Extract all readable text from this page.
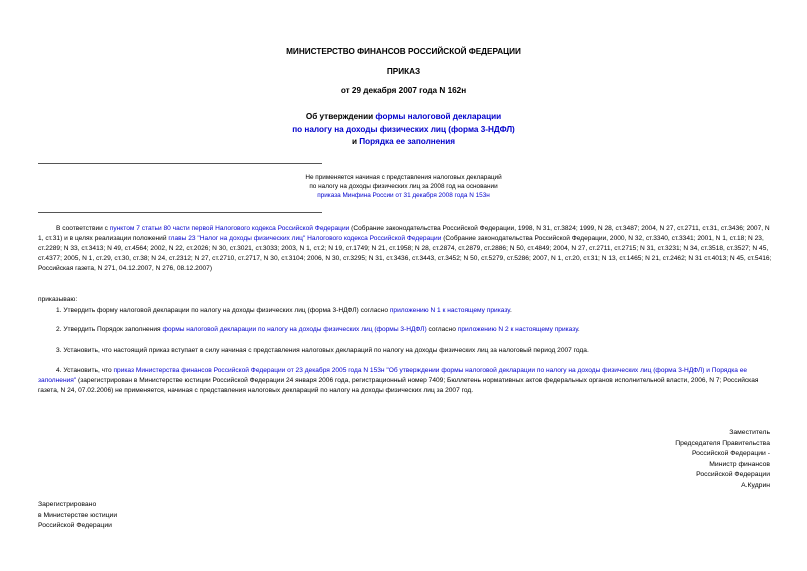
МИНИСТЕРСТВО ФИНАНСОВ РОССИЙСКОЙ ФЕДЕРАЦИИ
ПРИКАЗ
от 29 декабря 2007 года N 162н
Об утверждении формы налоговой декларации
по налогу на доходы физических лиц (форма 3-НДФЛ)
и Порядка ее заполнения
Не применяется начиная с представления налоговых деклараций
по налогу на доходы физических лиц за 2008 год на основании
приказа Минфина России от 31 декабря 2008 года N 153н
В соответствии с пунктом 7 статьи 80 части первой Налогового кодекса Российской Федерации (Собрание законодательства Российской Федерации, 1998, N 31, ст.3824; 1999, N 28, ст.3487; 2004, N 27, ст.2711, ст.31, ст.3436; 2007, N 1, ст.31) и в целях реализации положений главы 23 "Налог на доходы физических лиц" Налогового кодекса Российской Федерации (Собрание законодательства Российской Федерации, 2000, N 32, ст.3340, ст.3341; 2001, N 1, ст.18; N 23, ст.2289; N 33, ст.3413; N 49, ст.4564; 2002, N 22, ст.2026; N 30, ст.3021, ст.3033; 2003, N 1, ст.2; N 19, ст.1749; N 21, ст.1958; N 28, ст.2874, ст.2879, ст.2886; N 50, ст.4849; 2004, N 27, ст.2711, ст.2715; N 31, ст.3231; N 34, ст.3518, ст.3527; N 45, ст.4377; 2005, N 1, ст.29, ст.30, ст.38; N 24, ст.2312; N 27, ст.2710, ст.2717, N 30, ст.3104; 2006, N 30, ст.3295; N 31, ст.3436, ст.3443, ст.3452; N 50, ст.5279, ст.5286; 2007, N 1, ст.20, ст.31; N 13, ст.1465; N 21, ст.2462; N 31 ст.4013; N 45, ст.5416; Российская газета, N 271, 04.12.2007, N 276, 08.12.2007)
приказываю:
1. Утвердить форму налоговой декларации по налогу на доходы физических лиц (форма 3-НДФЛ) согласно приложению N 1 к настоящему приказу.
2. Утвердить Порядок заполнения формы налоговой декларации по налогу на доходы физических лиц (формы 3-НДФЛ) согласно приложению N 2 к настоящему приказу.
3. Установить, что настоящий приказ вступает в силу начиная с представления налоговых деклараций по налогу на доходы физических лиц за налоговый период 2007 года.
4. Установить, что приказ Министерства финансов Российской Федерации от 23 декабря 2005 года N 153н "Об утверждении формы налоговой декларации по налогу на доходы физических лиц (форма 3-НДФЛ) и Порядка ее заполнения" (зарегистрирован в Министерстве юстиции Российской Федерации 24 января 2006 года, регистрационный номер 7409; Бюллетень нормативных актов федеральных органов исполнительной власти, 2006, N 7; Российская газета, N 24, 07.02.2006) не применяется, начиная с представления налоговых деклараций по налогу на доходы физических лиц за 2007 год.
Заместитель
Председателя Правительства
Российской Федерации -
Министр финансов
Российской Федерации
А.Кудрин
Зарегистрировано
в Министерстве юстиции
Российской Федерации
